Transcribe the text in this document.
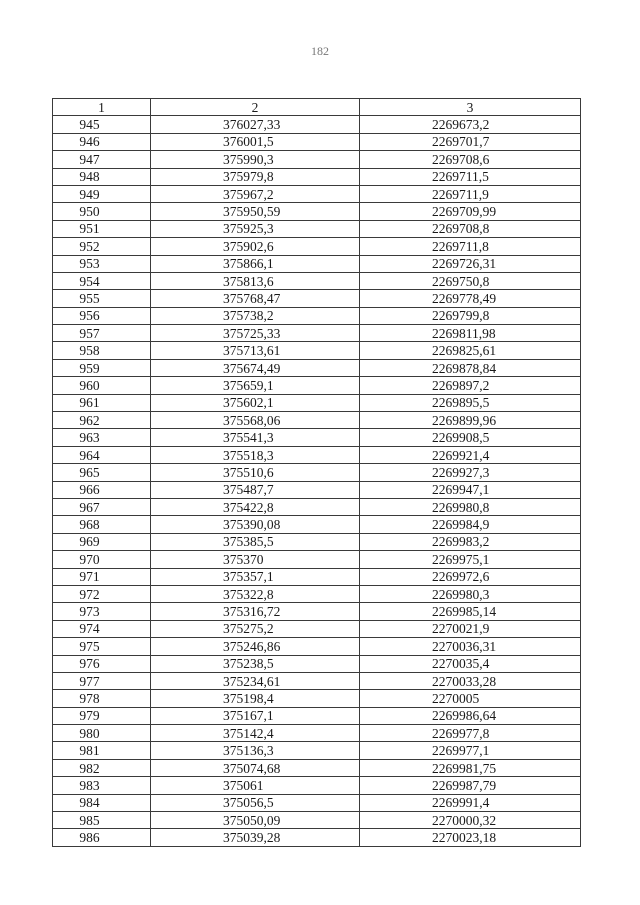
182
1	2	3
945	376027,33	2269673,2
946	376001,5	2269701,7
947	375990,3	2269708,6
948	375979,8	2269711,5
949	375967,2	2269711,9
950	375950,59	2269709,99
951	375925,3	2269708,8
952	375902,6	2269711,8
953	375866,1	2269726,31
954	375813,6	2269750,8
955	375768,47	2269778,49
956	375738,2	2269799,8
957	375725,33	2269811,98
958	375713,61	2269825,61
959	375674,49	2269878,84
960	375659,1	2269897,2
961	375602,1	2269895,5
962	375568,06	2269899,96
963	375541,3	2269908,5
964	375518,3	2269921,4
965	375510,6	2269927,3
966	375487,7	2269947,1
967	375422,8	2269980,8
968	375390,08	2269984,9
969	375385,5	2269983,2
970	375370	2269975,1
971	375357,1	2269972,6
972	375322,8	2269980,3
973	375316,72	2269985,14
974	375275,2	2270021,9
975	375246,86	2270036,31
976	375238,5	2270035,4
977	375234,61	2270033,28
978	375198,4	2270005
979	375167,1	2269986,64
980	375142,4	2269977,8
981	375136,3	2269977,1
982	375074,68	2269981,75
983	375061	2269987,79
984	375056,5	2269991,4
985	375050,09	2270000,32
986	375039,28	2270023,18
